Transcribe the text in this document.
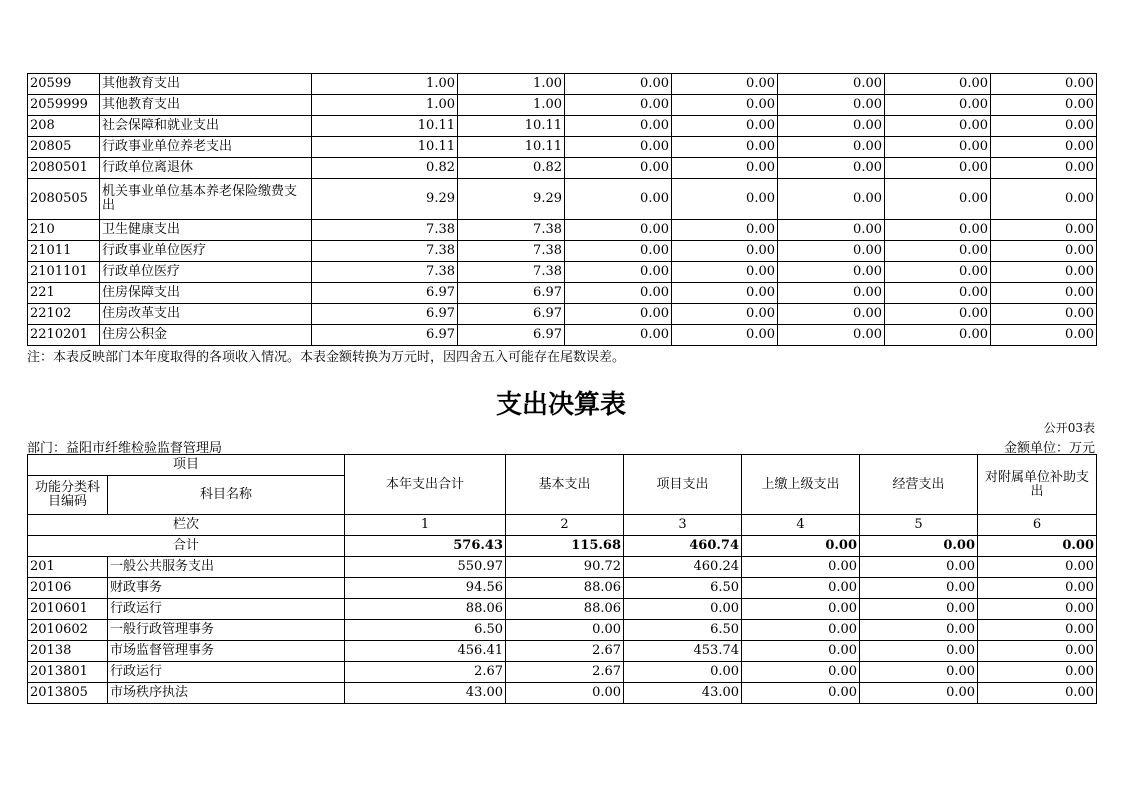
20599	其他教育支出	1.00	1.00	0.00	0.00	0.00	0.00	0.00
2059999	其他教育支出	1.00	1.00	0.00	0.00	0.00	0.00	0.00
208	社会保障和就业支出	10.11	10.11	0.00	0.00	0.00	0.00	0.00
20805	行政事业单位养老支出	10.11	10.11	0.00	0.00	0.00	0.00	0.00
2080501	行政单位离退休	0.82	0.82	0.00	0.00	0.00	0.00	0.00
2080505	机关事业单位基本养老保险缴费支出	9.29	9.29	0.00	0.00	0.00	0.00	0.00
210	卫生健康支出	7.38	7.38	0.00	0.00	0.00	0.00	0.00
21011	行政事业单位医疗	7.38	7.38	0.00	0.00	0.00	0.00	0.00
2101101	行政单位医疗	7.38	7.38	0.00	0.00	0.00	0.00	0.00
221	住房保障支出	6.97	6.97	0.00	0.00	0.00	0.00	0.00
22102	住房改革支出	6.97	6.97	0.00	0.00	0.00	0.00	0.00
2210201	住房公积金	6.97	6.97	0.00	0.00	0.00	0.00	0.00
注：本表反映部门本年度取得的各项收入情况。本表金额转换为万元时，因四舍五入可能存在尾数误差。
支出决算表
公开03表
部门：益阳市纤维检验监督管理局	金额单位：万元
项目		本年支出合计	基本支出	项目支出	上缴上级支出	经营支出	对附属单位补助支出
功能分类科目编码	科目名称						
栏次		1	2	3	4	5	6
合计		576.43	115.68	460.74	0.00	0.00	0.00
201	一般公共服务支出	550.97	90.72	460.24	0.00	0.00	0.00
20106	财政事务	94.56	88.06	6.50	0.00	0.00	0.00
2010601	行政运行	88.06	88.06	0.00	0.00	0.00	0.00
2010602	一般行政管理事务	6.50	0.00	6.50	0.00	0.00	0.00
20138	市场监督管理事务	456.41	2.67	453.74	0.00	0.00	0.00
2013801	行政运行	2.67	2.67	0.00	0.00	0.00	0.00
2013805	市场秩序执法	43.00	0.00	43.00	0.00	0.00	0.00
